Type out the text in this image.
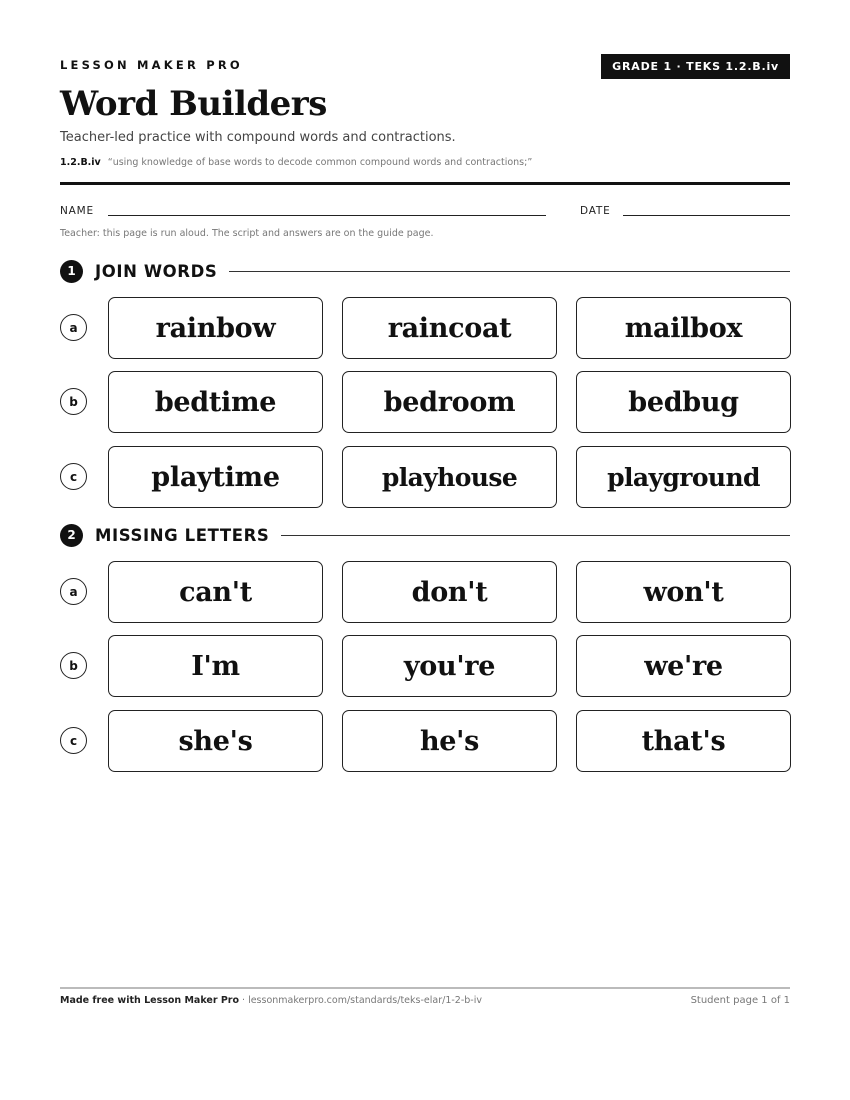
LESSON MAKER PRO	GRADE 1 · TEKS 1.2.B.iv
Word Builders
Teacher-led practice with compound words and contractions.
1.2.B.iv “using knowledge of base words to decode common compound words and contractions;”
NAME	DATE
Teacher: this page is run aloud. The script and answers are on the guide page.
1	JOIN WORDS
a	rainbow	raincoat	mailbox
b	bedtime	bedroom	bedbug
c	playtime	playhouse	playground
2	MISSING LETTERS
a	can't	don't	won't
b	I'm	you're	we're
c	she's	he's	that's
Made free with Lesson Maker Pro · lessonmakerpro.com/standards/teks-elar/1-2-b-iv	Student page 1 of 1
